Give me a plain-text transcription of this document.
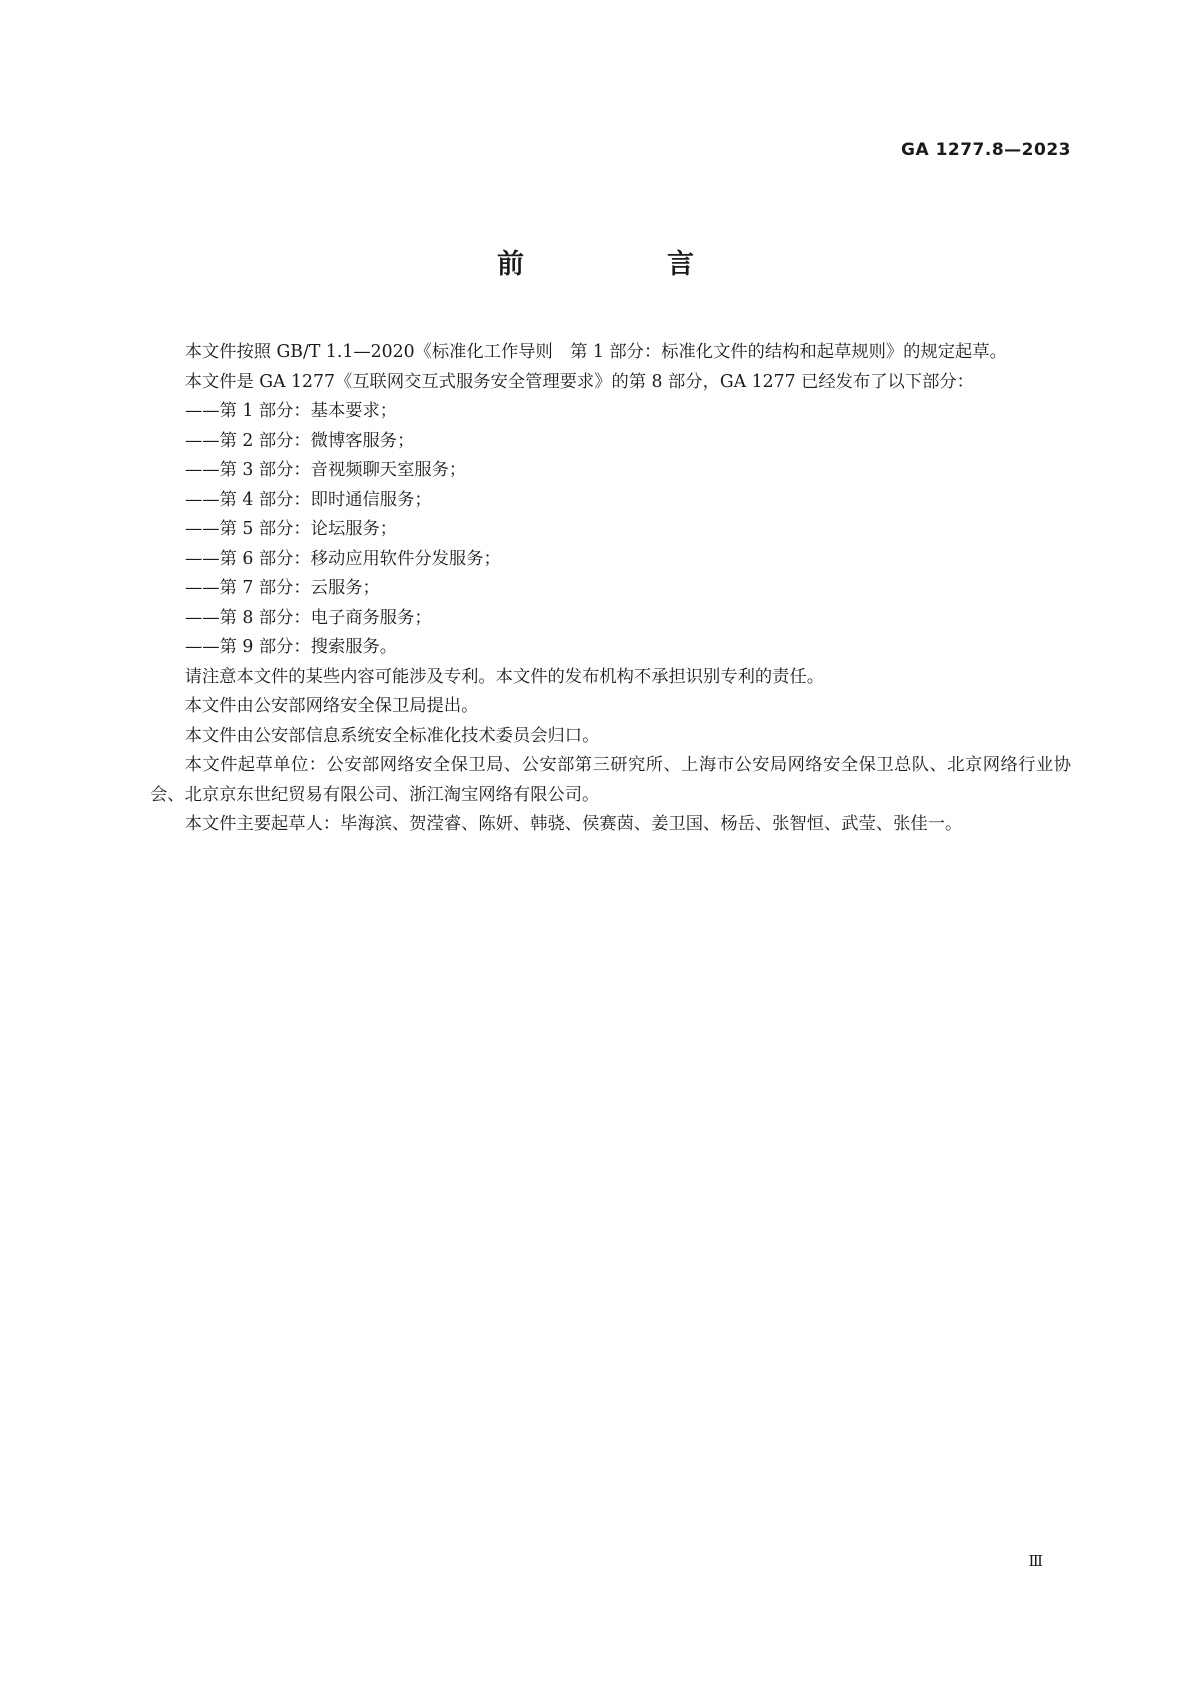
GA 1277.8—2023
前　言

本文件按照 GB/T 1.1—2020《标准化工作导则　第 1 部分：标准化文件的结构和起草规则》的规定起草。

本文件是 GA 1277《互联网交互式服务安全管理要求》的第 8 部分，GA 1277 已经发布了以下部分：

——第 1 部分：基本要求；

——第 2 部分：微博客服务；

——第 3 部分：音视频聊天室服务；

——第 4 部分：即时通信服务；

——第 5 部分：论坛服务；

——第 6 部分：移动应用软件分发服务；

——第 7 部分：云服务；

——第 8 部分：电子商务服务；

——第 9 部分：搜索服务。

请注意本文件的某些内容可能涉及专利。本文件的发布机构不承担识别专利的责任。

本文件由公安部网络安全保卫局提出。

本文件由公安部信息系统安全标准化技术委员会归口。

本文件起草单位：公安部网络安全保卫局、公安部第三研究所、上海市公安局网络安全保卫总队、北京网络行业协会、北京京东世纪贸易有限公司、浙江淘宝网络有限公司。

本文件主要起草人：毕海滨、贺滢睿、陈妍、韩骁、侯赛茵、姜卫国、杨岳、张智恒、武莹、张佳一。

Ⅲ
